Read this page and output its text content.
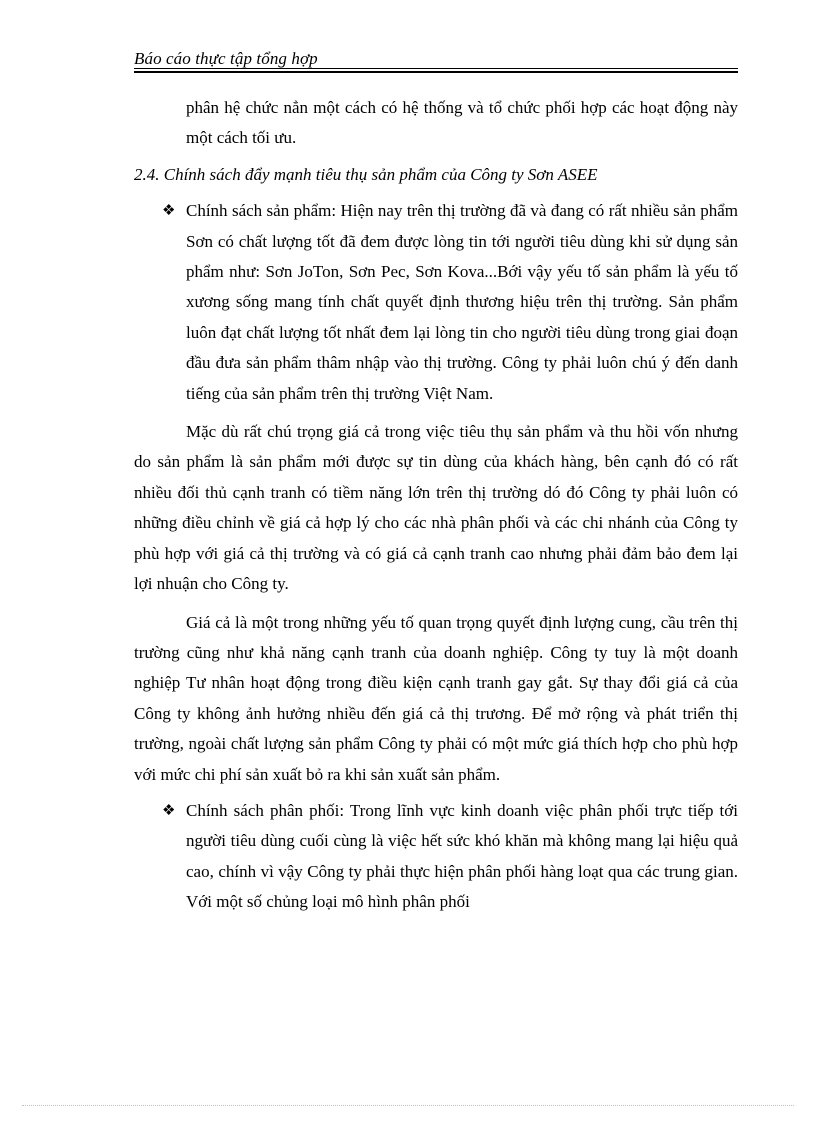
Báo cáo thực tập tổng hợp

phân hệ chức nẳn một cách có hệ thống và tổ chức phối hợp các hoạt động này một cách tối ưu.

2.4. Chính sách đẩy mạnh tiêu thụ sản phẩm của Công ty Sơn ASEE

❖ Chính sách sản phẩm: Hiện nay trên thị trường đã và đang có rất nhiều sản phẩm Sơn có chất lượng tốt đã đem được lòng tin tới người tiêu dùng khi sử dụng sản phẩm như: Sơn JoTon, Sơn Pec, Sơn Kova...Bới vậy yếu tố sản phẩm là yếu tố xương sống mang tính chất quyết định thương hiệu trên thị trường. Sản phẩm luôn đạt chất lượng tốt nhất đem lại lòng tin cho người tiêu dùng trong giai đoạn đầu đưa sản phẩm thâm nhập vào thị trường. Công ty phải luôn chú ý đến danh tiếng của sản phẩm trên thị trường Việt Nam.

Mặc dù rất chú trọng giá cả trong việc tiêu thụ sản phẩm và thu hồi vốn nhưng do sản phẩm là sản phẩm mới được sự tin dùng của khách hàng, bên cạnh đó có rất nhiều đối thủ cạnh tranh có tiềm năng lớn trên thị trường dó đó Công ty phải luôn có những điều chỉnh về giá cả hợp lý cho các nhà phân phối và các chi nhánh của Công ty phù hợp với giá cả thị trường và có giá cả cạnh tranh cao nhưng phải đảm bảo đem lại lợi nhuận cho Công ty.

Giá cả là một trong những yếu tố quan trọng quyết định lượng cung, cầu trên thị trường cũng như khả năng cạnh tranh của doanh nghiệp. Công ty tuy là một doanh nghiệp Tư nhân hoạt động trong điều kiện cạnh tranh gay gắt. Sự thay đổi giá cả của Công ty không ảnh hưởng nhiều đến giá cả thị trương. Để mở rộng và phát triển thị trường, ngoài chất lượng sản phẩm Công ty phải có một mức giá thích hợp cho phù hợp với mức chi phí sản xuất bỏ ra khi sản xuất sản phẩm.

❖ Chính sách phân phối: Trong lĩnh vực kinh doanh việc phân phối trực tiếp tới người tiêu dùng cuối cùng là việc hết sức khó khăn mà không mang lại hiệu quả cao, chính vì vậy Công ty phải thực hiện phân phối hàng loạt qua các trung gian. Với một số chủng loại mô hình phân phối
